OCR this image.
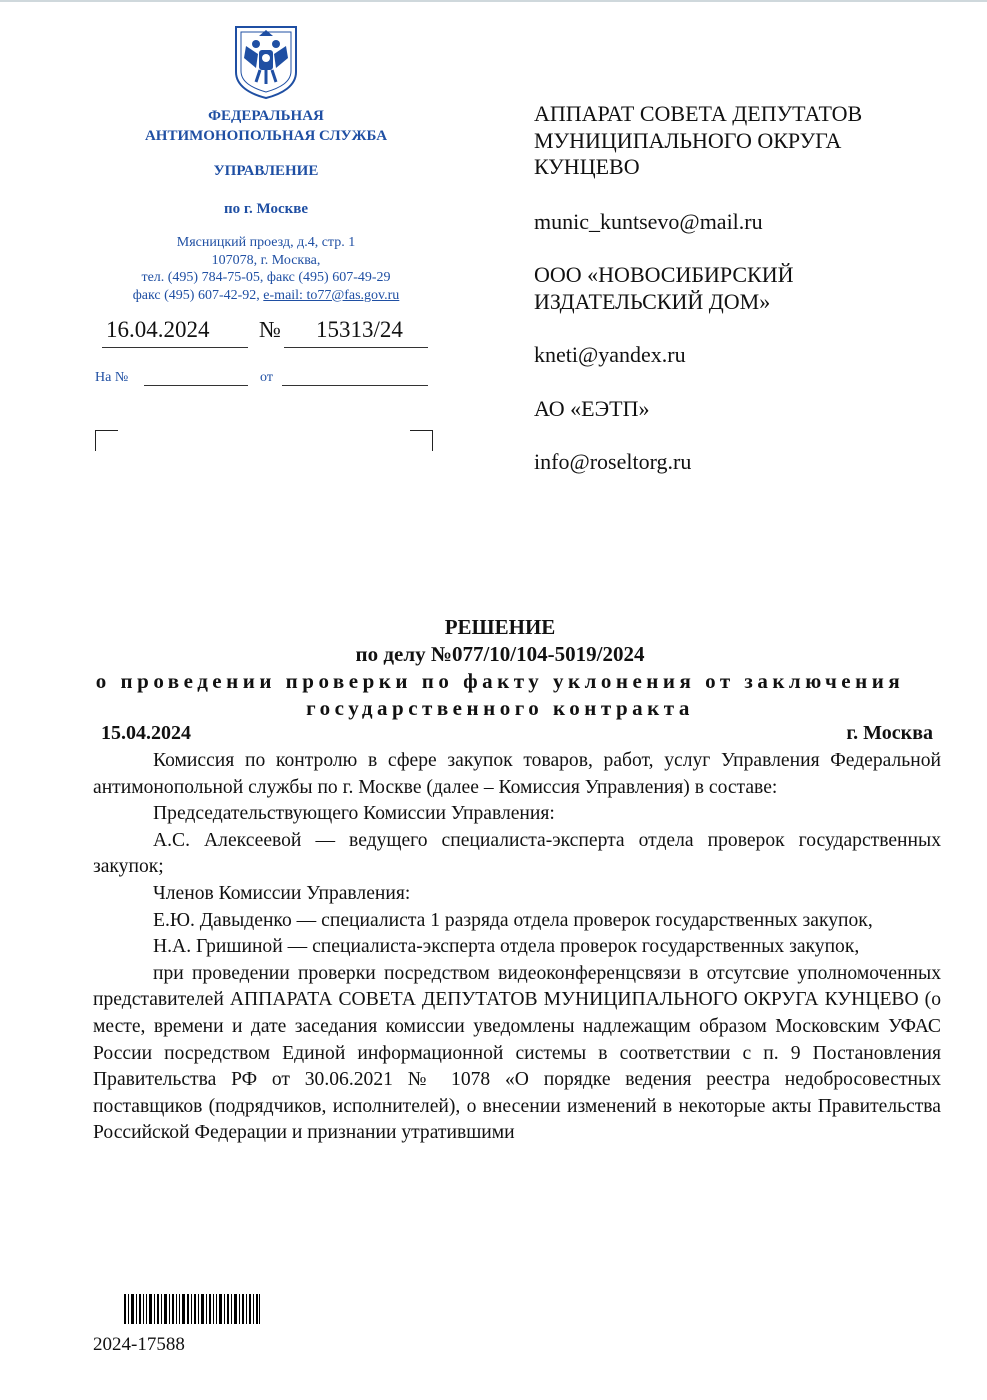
ФЕДЕРАЛЬНАЯ
АНТИМОНОПОЛЬНАЯ СЛУЖБА
УПРАВЛЕНИЕ
по г. Москве
Мясницкий проезд, д.4, стр. 1
107078, г. Москва,
тел. (495) 784-75-05, факс (495) 607-49-29
факс (495) 607-42-92, e-mail: to77@fas.gov.ru
16.04.2024 № 15313/24
На №	от
АППАРАТ СОВЕТА ДЕПУТАТОВ
МУНИЦИПАЛЬНОГО ОКРУГА
КУНЦЕВО
munic_kuntsevo@mail.ru
ООО «НОВОСИБИРСКИЙ
ИЗДАТЕЛЬСКИЙ ДОМ»
kneti@yandex.ru
АО «ЕЭТП»
info@roseltorg.ru
РЕШЕНИЕ
по делу №077/10/104-5019/2024
о проведении проверки по факту уклонения от заключения
государственного контракта
15.04.2024	г. Москва

Комиссия по контролю в сфере закупок товаров, работ, услуг Управления Федеральной антимонопольной службы по г. Москве (далее – Комиссия Управления) в составе:

Председательствующего Комиссии Управления:

А.С. Алексеевой — ведущего специалиста-эксперта отдела проверок государственных закупок;

Членов Комиссии Управления:

Е.Ю. Давыденко — специалиста 1 разряда отдела проверок государственных закупок,

Н.А. Гришиной — специалиста-эксперта отдела проверок государственных закупок,

при проведении проверки посредством видеоконференцсвязи в отсутсвие уполномоченных представителей АППАРАТА СОВЕТА ДЕПУТАТОВ МУНИЦИПАЛЬНОГО ОКРУГА КУНЦЕВО (о месте, времени и дате заседания комиссии уведомлены надлежащим образом Московским УФАС России посредством Единой информационной системы в соответствии с п. 9 Постановления Правительства РФ от 30.06.2021 № 1078 «О порядке ведения реестра недобросовестных поставщиков (подрядчиков, исполнителей), о внесении изменений в некоторые акты Правительства Российской Федерации и признании утратившими

2024-17588
